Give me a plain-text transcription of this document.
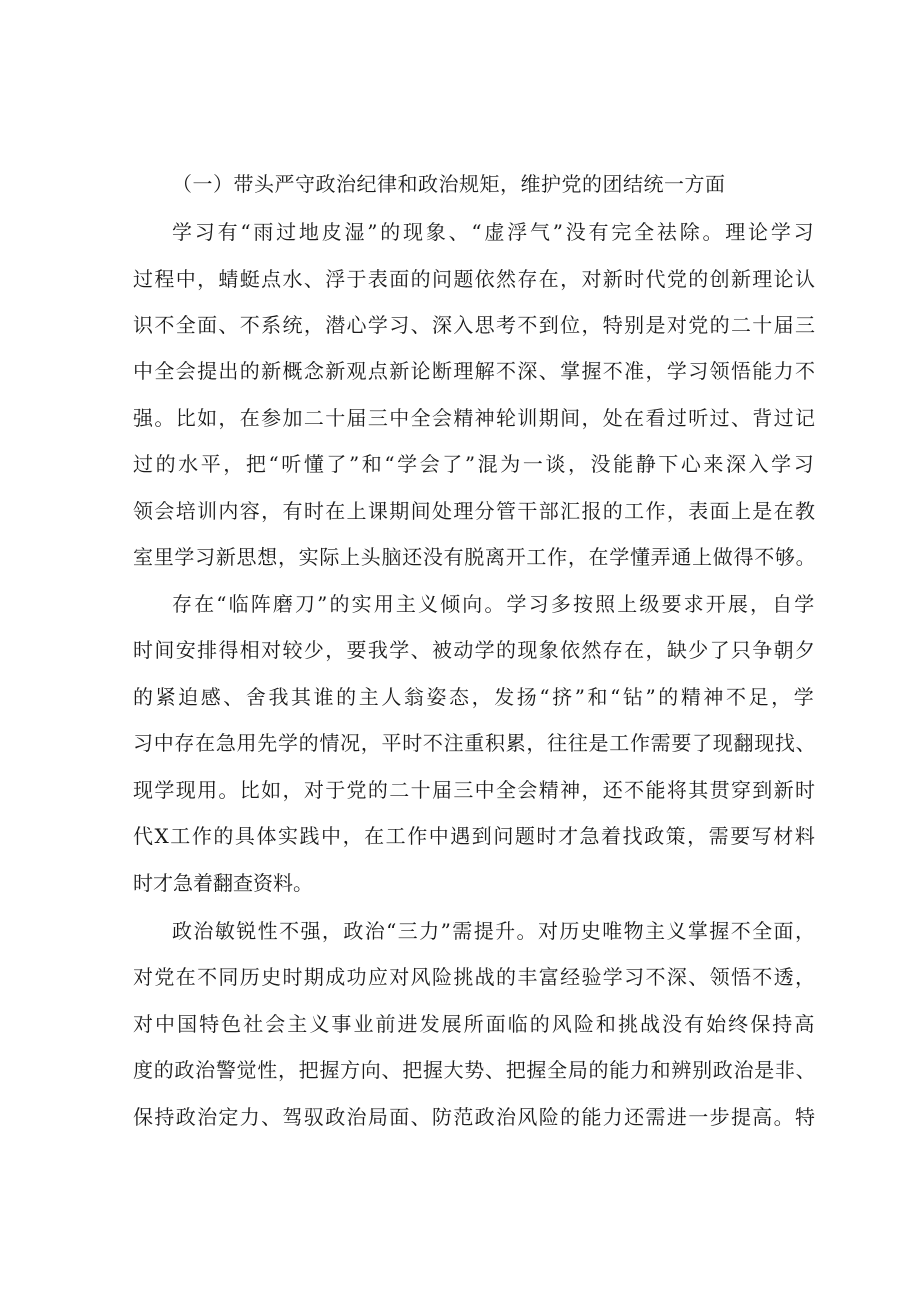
（一）带头严守政治纪律和政治规矩，维护党的团结统一方面
学习有“雨过地皮湿”的现象、“虚浮气”没有完全祛除。理论学习
过程中，蜻蜓点水、浮于表面的问题依然存在，对新时代党的创新理论认
识不全面、不系统，潜心学习、深入思考不到位，特别是对党的二十届三
中全会提出的新概念新观点新论断理解不深、掌握不准，学习领悟能力不
强。比如，在参加二十届三中全会精神轮训期间，处在看过听过、背过记
过的水平，把“听懂了”和“学会了”混为一谈，没能静下心来深入学习
领会培训内容，有时在上课期间处理分管干部汇报的工作，表面上是在教
室里学习新思想，实际上头脑还没有脱离开工作，在学懂弄通上做得不够。
存在“临阵磨刀”的实用主义倾向。学习多按照上级要求开展，自学
时间安排得相对较少，要我学、被动学的现象依然存在，缺少了只争朝夕
的紧迫感、舍我其谁的主人翁姿态，发扬“挤”和“钻”的精神不足，学
习中存在急用先学的情况，平时不注重积累，往往是工作需要了现翻现找、
现学现用。比如，对于党的二十届三中全会精神，还不能将其贯穿到新时
代X工作的具体实践中，在工作中遇到问题时才急着找政策，需要写材料
时才急着翻查资料。
政治敏锐性不强，政治“三力”需提升。对历史唯物主义掌握不全面，
对党在不同历史时期成功应对风险挑战的丰富经验学习不深、领悟不透，
对中国特色社会主义事业前进发展所面临的风险和挑战没有始终保持高
度的政治警觉性，把握方向、把握大势、把握全局的能力和辨别政治是非、
保持政治定力、驾驭政治局面、防范政治风险的能力还需进一步提高。特
